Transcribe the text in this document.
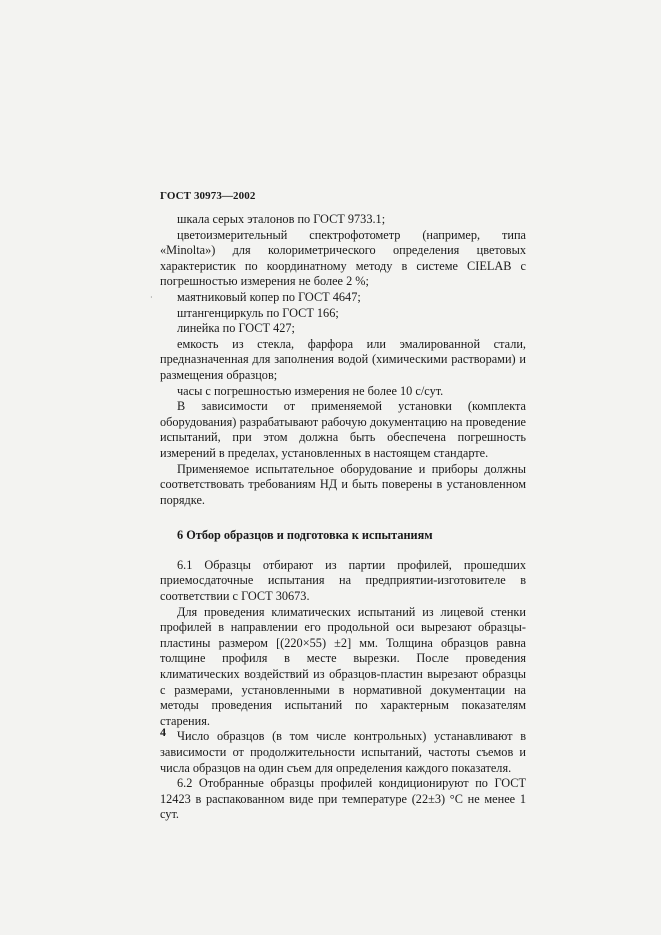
ГОСТ 30973—2002
·

шкала серых эталонов по ГОСТ 9733.1;

цветоизмерительный спектрофотометр (например, типа «Minolta») для колориметрического определения цветовых характеристик по координатному методу в системе CIELAB с погрешностью измерения не более 2 %;

маятниковый копер по ГОСТ 4647;

штангенциркуль по ГОСТ 166;

линейка по ГОСТ 427;

емкость из стекла, фарфора или эмалированной стали, предназначенная для заполнения водой (химическими растворами) и размещения образцов;

часы с погрешностью измерения не более 10 с/сут.

В зависимости от применяемой установки (комплекта оборудования) разрабатывают рабочую документацию на проведение испытаний, при этом должна быть обеспечена погрешность измерений в пределах, установленных в настоящем стандарте.

Применяемое испытательное оборудование и приборы должны соответствовать требованиям НД и быть поверены в установленном порядке.

6 Отбор образцов и подготовка к испытаниям

6.1 Образцы отбирают из партии профилей, прошедших приемосдаточные испытания на предприятии-изготовителе в соответствии с ГОСТ 30673.

Для проведения климатических испытаний из лицевой стенки профилей в направлении его продольной оси вырезают образцы-пластины размером [(220×55) ±2] мм. Толщина образцов равна толщине профиля в месте вырезки. После проведения климатических воздействий из образцов-пластин вырезают образцы с размерами, установленными в нормативной документации на методы проведения испытаний по характерным показателям старения.

Число образцов (в том числе контрольных) устанавливают в зависимости от продолжительности испытаний, частоты съемов и числа образцов на один съем для определения каждого показателя.

6.2 Отобранные образцы профилей кондиционируют по ГОСТ 12423 в распакованном виде при температуре (22±3) °С не менее 1 сут.

4
